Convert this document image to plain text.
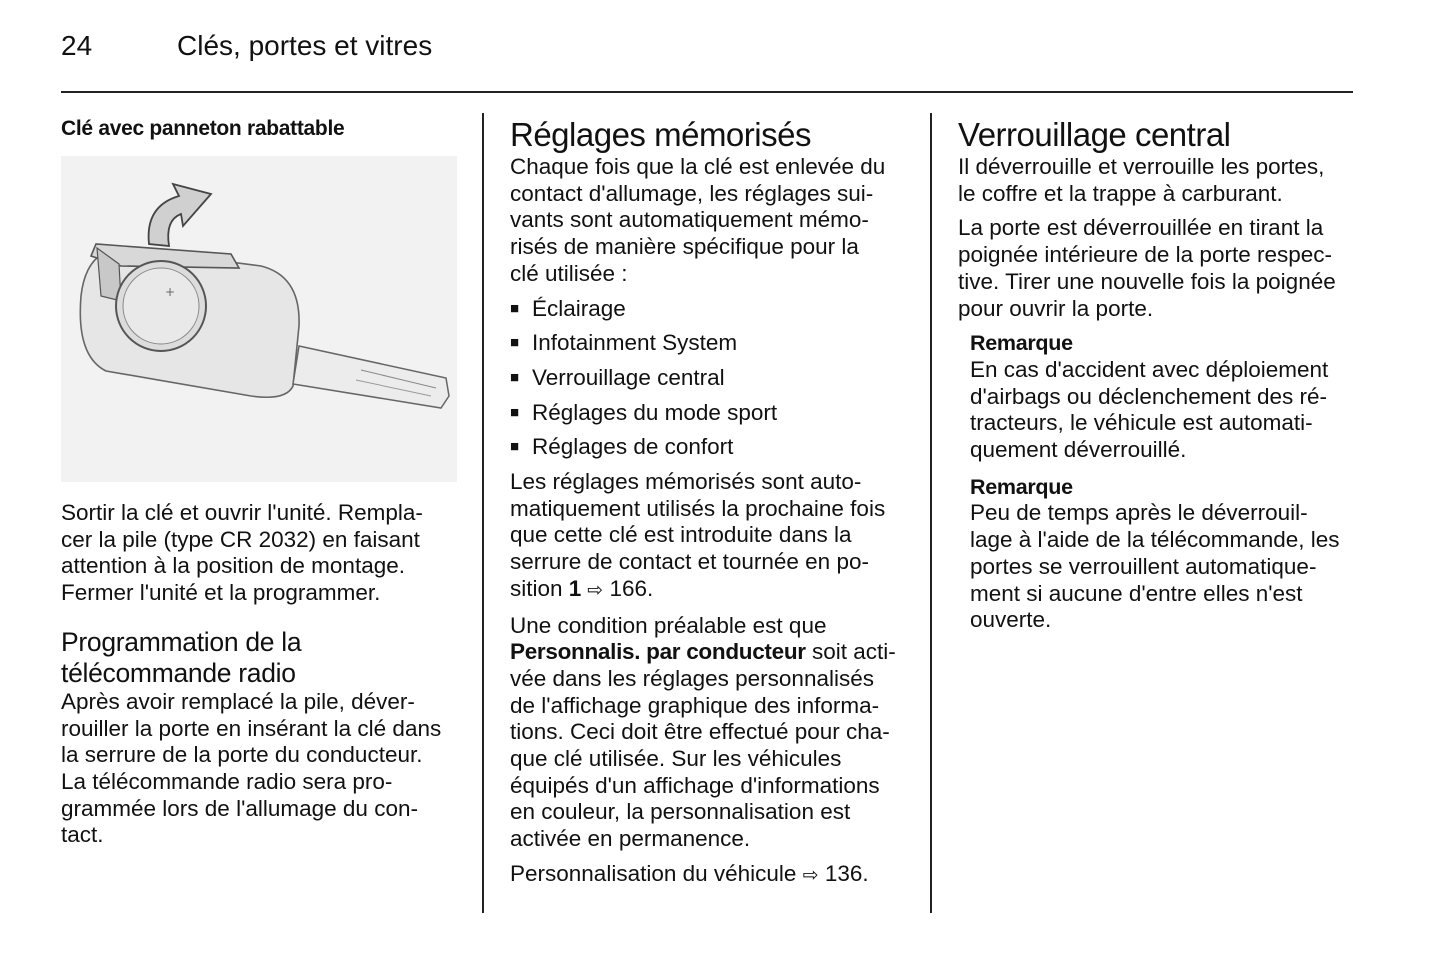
24	Clés, portes et vitres
Clé avec panneton rabattable
+

Sortir la clé et ouvrir l'unité. Rempla-
cer la pile (type CR 2032) en faisant
attention à la position de montage.
Fermer l'unité et la programmer.

Programmation de la
télécommande radio

Après avoir remplacé la pile, déver-
rouiller la porte en insérant la clé dans
la serrure de la porte du conducteur.
La télécommande radio sera pro-
grammée lors de l'allumage du con-
tact.

Réglages mémorisés

Chaque fois que la clé est enlevée du
contact d'allumage, les réglages sui-
vants sont automatiquement mémo-
risés de manière spécifique pour la
clé utilisée :

■ Éclairage
■ Infotainment System
■ Verrouillage central
■ Réglages du mode sport
■ Réglages de confort

Les réglages mémorisés sont auto-
matiquement utilisés la prochaine fois
que cette clé est introduite dans la
serrure de contact et tournée en po-
sition 1 ⇨ 166.

Une condition préalable est que
Personnalis. par conducteur soit acti-
vée dans les réglages personnalisés
de l'affichage graphique des informa-
tions. Ceci doit être effectué pour cha-
que clé utilisée. Sur les véhicules
équipés d'un affichage d'informations
en couleur, la personnalisation est
activée en permanence.

Personnalisation du véhicule ⇨ 136.

Verrouillage central

Il déverrouille et verrouille les portes,
le coffre et la trappe à carburant.

La porte est déverrouillée en tirant la
poignée intérieure de la porte respec-
tive. Tirer une nouvelle fois la poignée
pour ouvrir la porte.

Remarque
En cas d'accident avec déploiement
d'airbags ou déclenchement des ré-
tracteurs, le véhicule est automati-
quement déverrouillé.
Remarque
Peu de temps après le déverrouil-
lage à l'aide de la télécommande, les
portes se verrouillent automatique-
ment si aucune d'entre elles n'est
ouverte.
